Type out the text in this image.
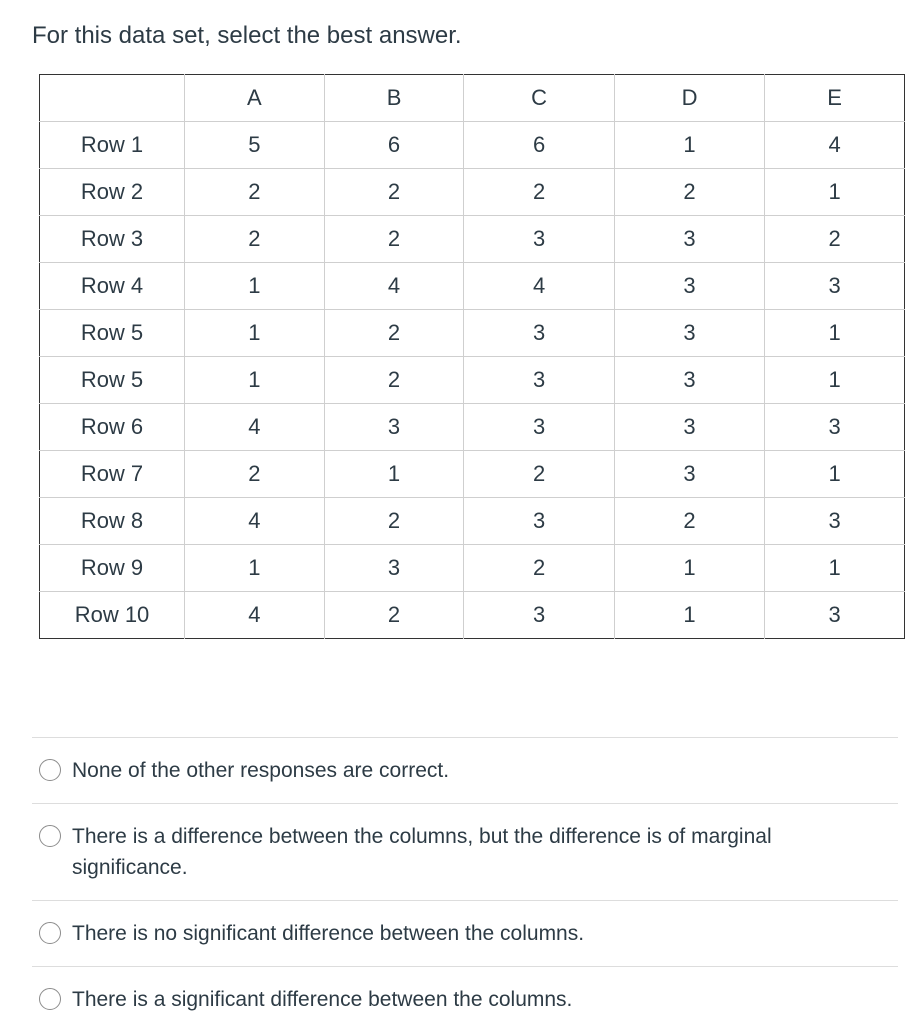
For this data set, select the best answer.
	A	B	C	D	E
Row 1	5	6	6	1	4
Row 2	2	2	2	2	1
Row 3	2	2	3	3	2
Row 4	1	4	4	3	3
Row 5	1	2	3	3	1
Row 5	1	2	3	3	1
Row 6	4	3	3	3	3
Row 7	2	1	2	3	1
Row 8	4	2	3	2	3
Row 9	1	3	2	1	1
Row 10	4	2	3	1	3
None of the other responses are correct.
There is a difference between the columns, but the difference is of marginal significance.
There is no significant difference between the columns.
There is a significant difference between the columns.
